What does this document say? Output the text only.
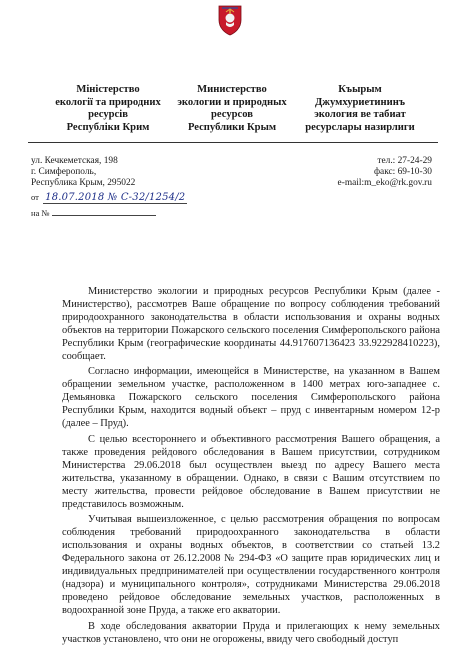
Міністерство
екології та природних
ресурсів
Республіки Крим
Министерство
экологии и природных
ресурсов
Республики Крым
Къырым
Джумхуриетининъ
экология ве табиат
ресурслары назирлиги
ул. Кечкеметская, 198
г. Симферополь,
Республика Крым, 295022
тел.: 27-24-29
факс: 69-10-30
e-mail:m_eko@rk.gov.ru
от 18.07.2018 № С-32/1254/2
на №

Министерство экологии и природных ресурсов Республики Крым (далее - Министерство), рассмотрев Ваше обращение по вопросу соблюдения требований природоохранного законодательства в области использования и охраны водных объектов на территории Пожарского сельского поселения Симферопольского района Республики Крым (географические координаты 44.917607136423 33.922928410223), сообщает.

Согласно информации, имеющейся в Министерстве, на указанном в Вашем обращении земельном участке, расположенном в 1400 метрах юго-западнее с. Демьяновка Пожарского сельского поселения Симферопольского района Республики Крым, находится водный объект – пруд с инвентарным номером 12-р (далее – Пруд).

С целью всестороннего и объективного рассмотрения Вашего обращения, а также проведения рейдового обследования в Вашем присутствии, сотрудником Министерства 29.06.2018 был осуществлен выезд по адресу Вашего места жительства, указанному в обращении. Однако, в связи с Вашим отсутствием по месту жительства, провести рейдовое обследование в Вашем присутствии не представилось возможным.

Учитывая вышеизложенное, с целью рассмотрения обращения по вопросам соблюдения требований природоохранного законодательства в области использования и охраны водных объектов, в соответствии со статьей 13.2 Федерального закона от 26.12.2008 № 294-ФЗ «О защите прав юридических лиц и индивидуальных предпринимателей при осуществлении государственного контроля (надзора) и муниципального контроля», сотрудниками Министерства 29.06.2018 проведено рейдовое обследование земельных участков, расположенных в водоохранной зоне Пруда, а также его акватории.

В ходе обследования акватории Пруда и прилегающих к нему земельных участков установлено, что они не огорожены, ввиду чего свободный доступ
